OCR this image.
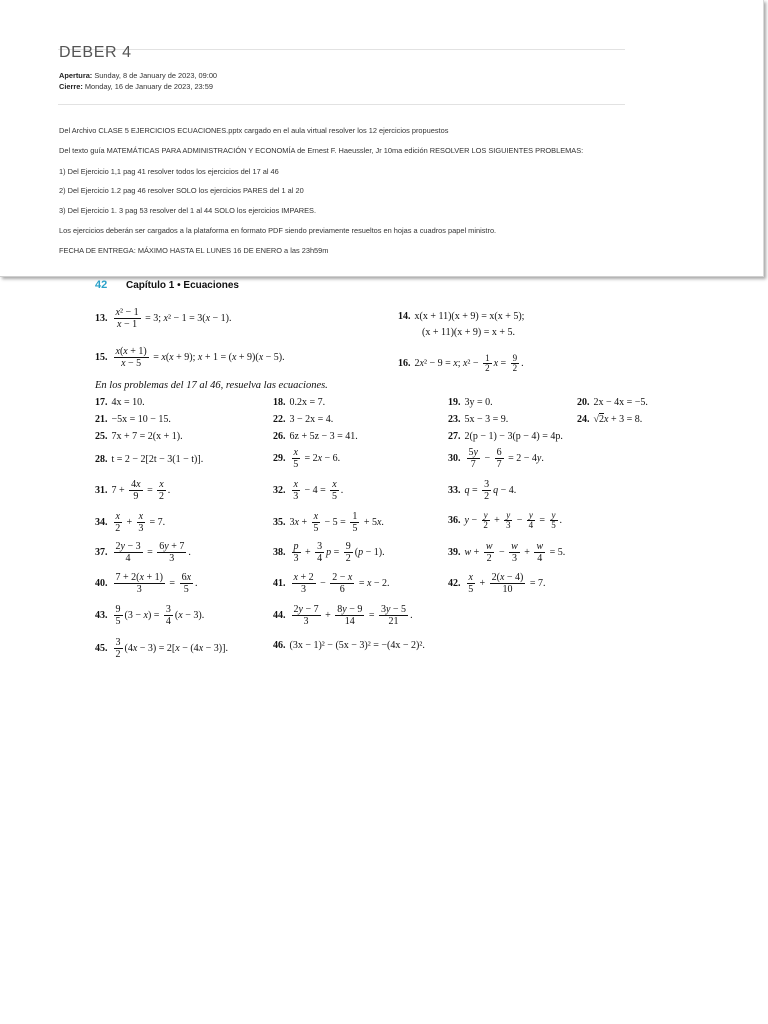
DEBER 4
Apertura: Sunday, 8 de January de 2023, 09:00
Cierre: Monday, 16 de January de 2023, 23:59
Del Archivo CLASE 5 EJERCICIOS ECUACIONES.pptx cargado en el aula virtual resolver los 12 ejercicios propuestos
Del texto guía MATEMÁTICAS PARA ADMINISTRACIÓN Y ECONOMÍA de Ernest F. Haeussler, Jr 10ma edición RESOLVER LOS SIGUIENTES PROBLEMAS:
1) Del Ejercicio 1,1 pag 41 resolver todos los ejercicios del 17 al 46
2) Del Ejercicio 1.2 pag 46 resolver SOLO los ejercicios PARES del 1 al 20
3) Del Ejercicio 1. 3 pag 53 resolver del 1 al 44 SOLO los ejercicios IMPARES.
Los ejercicios deberán ser cargados a la plataforma en formato PDF siendo previamente resueltos en hojas a cuadros papel ministro.
FECHA DE ENTREGA: MÁXIMO HASTA EL LUNES 16 DE ENERO a las 23h59m
42 Capítulo 1 • Ecuaciones
13. $\frac{\text{x² − 1}}{x - 1} = 3$; x² − 1 = 3(x − 1).	14. x(x + 11)(x + 9) = x(x + 5);
(x + 11)(x + 9) = x + 5.
15. $\frac{x(x + 1)}{x - 5} = x(x + 9)$; x + 1 = (x + 9)(x − 5).
16. 2x² − 9 = x; $x^2 - \frac{1}{2}$ $x = \frac{9}{2}$ .
En los problemas del 17 al 46, resuelva las ecuaciones.
17. 4x = 10.	18. 0.2x = 7.	19. 3y = 0.	20. 2x − 4x = −5.
21. −5x = 10 − 15.	22. 3 − 2x = 4.	23. 5x − 3 = 9.	24. √2x + 3 = 8.
25. 7x + 7 = 2(x + 1).	26. 6z + 5z − 3 = 41.	27. 2(p − 1) − 3(p − 4) = 4p.
28. t = 2 − 2[2t − 3(1 − t)].	29. $\frac{x}{5} = 2x - 6$.	30. $\frac{5y}{7} - \frac{6}{7} = 2 - 4y$.
31. $7 + \frac{4x}{9} = \frac{x}{2}$ .	32. $\frac{x}{3} - 4 = \frac{x}{5}$ .	33. $q = \frac{3}{2}$ q − 4.
34. $\frac{x}{2} + \frac{x}{3} = 7$.	35. $3x + \frac{x}{5} - 5 = \frac{1}{5} + 5x$.	36. $y - \frac{y}{2} + \frac{y}{3} - \frac{y}{4} = \frac{y}{5}$ .
37. $\frac{2y - 3}{4} = \frac{6y + 7}{3}$ .	38. $\frac{p}{3} + \frac{3}{4}$ $p = \frac{9}{2} (p - 1)$.	39. $w + \frac{w}{2} - \frac{w}{3} + \frac{w}{4} = 5$.
40. $\frac{7 + 2(x + 1)}{3} = \frac{6x}{5}$ .	41. $\frac{x + 2}{3} - \frac{2 - x}{6} = x - 2$.	42. $\frac{x}{5} + \frac{2(x - 4)}{10} = 7$.
43. $\frac{9}{5} (3 - x) = \frac{3}{4} (x - 3)$.	44. $\frac{2y - 7}{3} + \frac{8y - 9}{14} = \frac{3y - 5}{21}$ .
45. $\frac{3}{2} (4x - 3) = 2[x - (4x - 3)]$.	46. (3x − 1)² − (5x − 3)² = −(4x − 2)².
